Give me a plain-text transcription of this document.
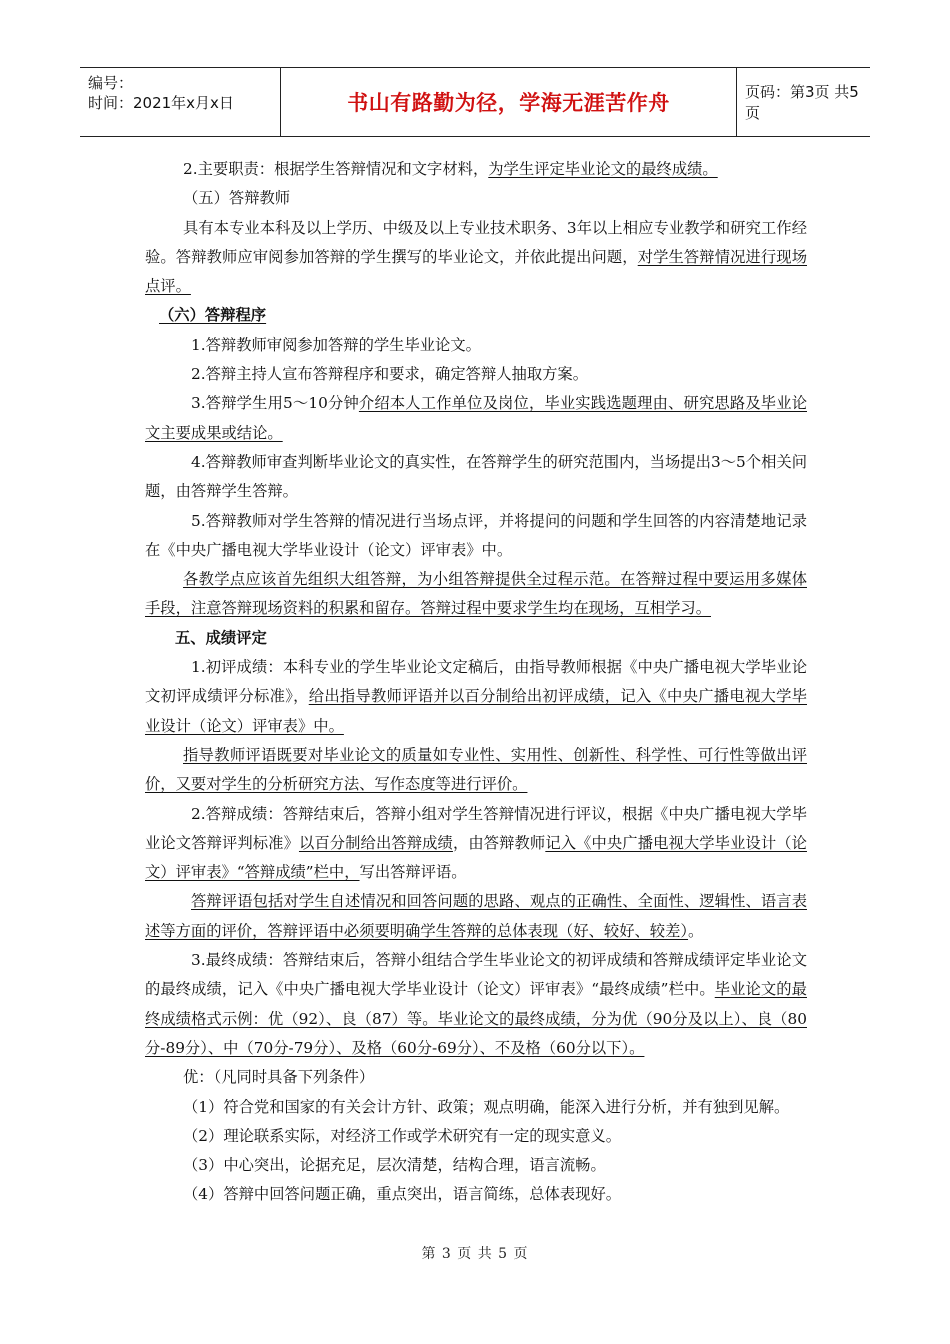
编号：
时间：2021年x月x日	书山有路勤为径，学海无涯苦作舟	页码：第3页 共5页

2.主要职责：根据学生答辩情况和文字材料，为学生评定毕业论文的最终成绩。

（五）答辩教师

具有本专业本科及以上学历、中级及以上专业技术职务、3年以上相应专业教学和研究工作经验。答辩教师应审阅参加答辩的学生撰写的毕业论文，并依此提出问题，对学生答辩情况进行现场点评。

（六）答辩程序

1.答辩教师审阅参加答辩的学生毕业论文。

2.答辩主持人宣布答辩程序和要求，确定答辩人抽取方案。

3.答辩学生用5～10分钟介绍本人工作单位及岗位，毕业实践选题理由、研究思路及毕业论文主要成果或结论。

4.答辩教师审查判断毕业论文的真实性，在答辩学生的研究范围内，当场提出3～5个相关问题，由答辩学生答辩。

5.答辩教师对学生答辩的情况进行当场点评，并将提问的问题和学生回答的内容清楚地记录在《中央广播电视大学毕业设计（论文）评审表》中。

各教学点应该首先组织大组答辩，为小组答辩提供全过程示范。在答辩过程中要运用多媒体手段，注意答辩现场资料的积累和留存。答辩过程中要求学生均在现场，互相学习。

五、成绩评定

1.初评成绩：本科专业的学生毕业论文定稿后，由指导教师根据《中央广播电视大学毕业论文初评成绩评分标准》，给出指导教师评语并以百分制给出初评成绩，记入《中央广播电视大学毕业设计（论文）评审表》中。

指导教师评语既要对毕业论文的质量如专业性、实用性、创新性、科学性、可行性等做出评价，又要对学生的分析研究方法、写作态度等进行评价。

2.答辩成绩：答辩结束后，答辩小组对学生答辩情况进行评议，根据《中央广播电视大学毕业论文答辩评判标准》以百分制给出答辩成绩，由答辩教师记入《中央广播电视大学毕业设计（论文）评审表》“答辩成绩”栏中，写出答辩评语。

答辩评语包括对学生自述情况和回答问题的思路、观点的正确性、全面性、逻辑性、语言表述等方面的评价，答辩评语中必须要明确学生答辩的总体表现（好、较好、较差）。

3.最终成绩：答辩结束后，答辩小组结合学生毕业论文的初评成绩和答辩成绩评定毕业论文的最终成绩，记入《中央广播电视大学毕业设计（论文）评审表》“最终成绩”栏中。毕业论文的最终成绩格式示例：优（92）、良（87）等。毕业论文的最终成绩，分为优（90分及以上）、良（80分-89分）、中（70分-79分）、及格（60分-69分）、不及格（60分以下）。

优：（凡同时具备下列条件）

（1）符合党和国家的有关会计方针、政策；观点明确，能深入进行分析，并有独到见解。

（2）理论联系实际，对经济工作或学术研究有一定的现实意义。

（3）中心突出，论据充足，层次清楚，结构合理，语言流畅。

（4）答辩中回答问题正确，重点突出，语言简练，总体表现好。

第 3 页 共 5 页
